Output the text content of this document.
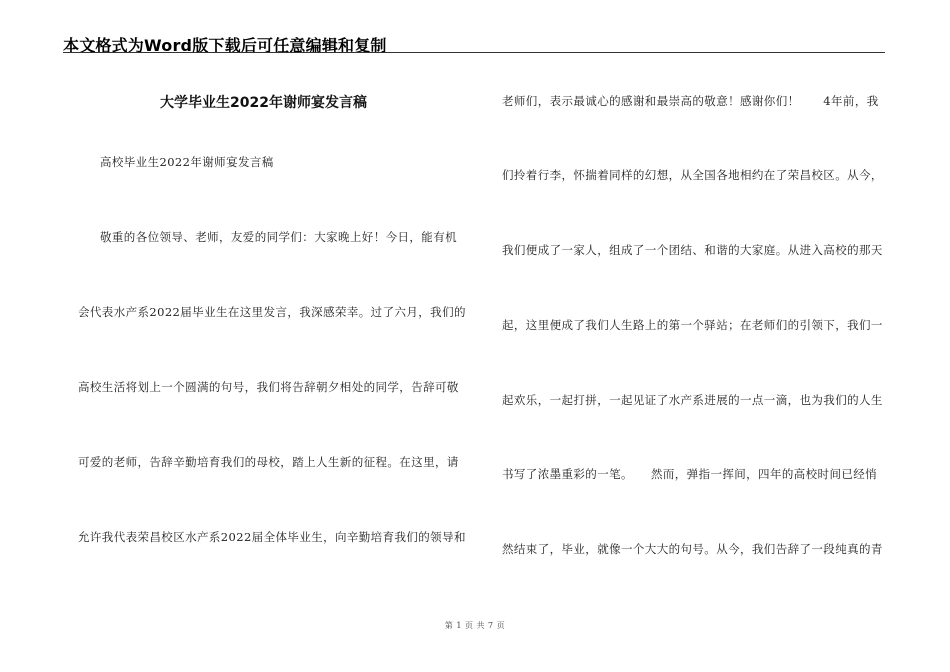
本文格式为Word版下载后可任意编辑和复制
大学毕业生2022年谢师宴发言稿
高校毕业生2022年谢师宴发言稿
敬重的各位领导、老师，友爱的同学们：大家晚上好！今日，能有机
会代表水产系2022届毕业生在这里发言，我深感荣幸。过了六月，我们的
高校生活将划上一个圆满的句号，我们将告辞朝夕相处的同学，告辞可敬
可爱的老师，告辞辛勤培育我们的母校，踏上人生新的征程。在这里，请
允许我代表荣昌校区水产系2022届全体毕业生，向辛勤培育我们的领导和
老师们，表示最诚心的感谢和最崇高的敬意！感谢你们！　　4年前，我
们拎着行李，怀揣着同样的幻想，从全国各地相约在了荣昌校区。从今，
我们便成了一家人，组成了一个团结、和谐的大家庭。从进入高校的那天
起，这里便成了我们人生路上的第一个驿站；在老师们的引领下，我们一
起欢乐，一起打拼，一起见证了水产系进展的一点一滴，也为我们的人生
书写了浓墨重彩的一笔。　　然而，弹指一挥间，四年的高校时间已经悄
然结束了，毕业，就像一个大大的句号。从今，我们告辞了一段纯真的青
第 1 页 共 7 页
